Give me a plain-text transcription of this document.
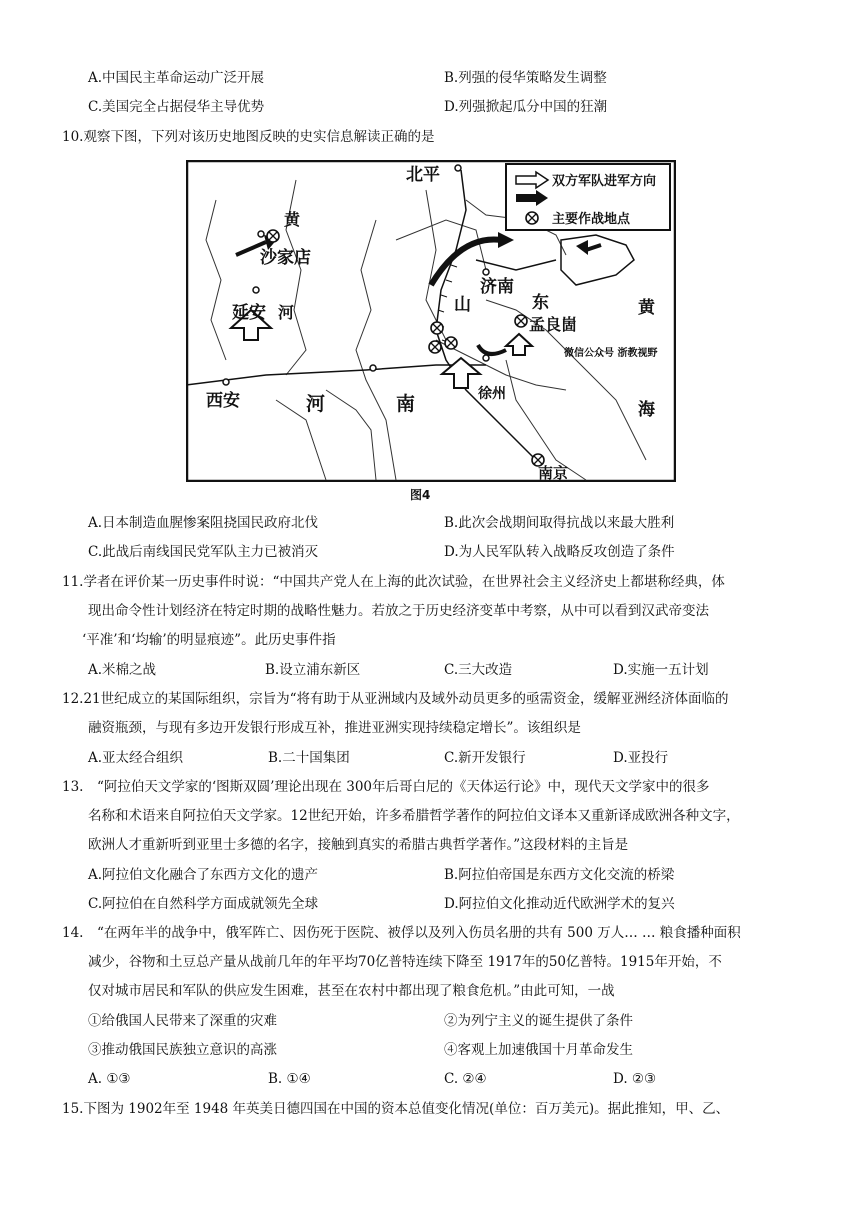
A.中国民主革命运动广泛开展	B.列强的侵华策略发生调整
C.美国完全占据侵华主导优势	D.列强掀起瓜分中国的狂潮
10.观察下图，下列对该历史地图反映的史实信息解读正确的是
双方军队进军方向
主要作战地点
北平
沙家店
黄
延安 河
济南
山	东	黄
孟良崮
微信公众号 浙教视野
西安	河	南	徐州
海
南京
图4
A.日本制造血腥惨案阻挠国民政府北伐	B.此次会战期间取得抗战以来最大胜利
C.此战后南线国民党军队主力已被消灭	D.为人民军队转入战略反攻创造了条件
11.学者在评价某一历史事件时说：“中国共产党人在上海的此次试验，在世界社会主义经济史上都堪称经典，体
现出命令性计划经济在特定时期的战略性魅力。若放之于历史经济变革中考察，从中可以看到汉武帝变法
‘平准’和‘均输’的明显痕迹”。此历史事件指
A.米棉之战	B.设立浦东新区	C.三大改造	D.实施一五计划
12.21世纪成立的某国际组织，宗旨为“将有助于从亚洲域内及域外动员更多的亟需资金，缓解亚洲经济体面临的
融资瓶颈，与现有多边开发银行形成互补，推进亚洲实现持续稳定增长”。该组织是
A.亚太经合组织	B.二十国集团	C.新开发银行	D.亚投行
13.　“阿拉伯天文学家的‘图斯双圆’理论出现在 300年后哥白尼的《天体运行论》中，现代天文学家中的很多
名称和术语来自阿拉伯天文学家。12世纪开始，许多希腊哲学著作的阿拉伯文译本又重新译成欧洲各种文字，
欧洲人才重新听到亚里士多德的名字，接触到真实的希腊古典哲学著作。”这段材料的主旨是
A.阿拉伯文化融合了东西方文化的遗产	B.阿拉伯帝国是东西方文化交流的桥梁
C.阿拉伯在自然科学方面成就领先全球	D.阿拉伯文化推动近代欧洲学术的复兴
14.　“在两年半的战争中，俄军阵亡、因伤死于医院、被俘以及列入伤员名册的共有 500 万人… … 粮食播种面积
减少，谷物和土豆总产量从战前几年的年平均70亿普特连续下降至 1917年的50亿普特。1915年开始，不
仅对城市居民和军队的供应发生困难，甚至在农村中都出现了粮食危机。”由此可知，一战
①给俄国人民带来了深重的灾难	②为列宁主义的诞生提供了条件
③推动俄国民族独立意识的高涨	④客观上加速俄国十月革命发生
A. ①③	B. ①④	C. ②④	D. ②③
15.下图为 1902年至 1948 年英美日德四国在中国的资本总值变化情况(单位：百万美元)。据此推知，甲、乙、
